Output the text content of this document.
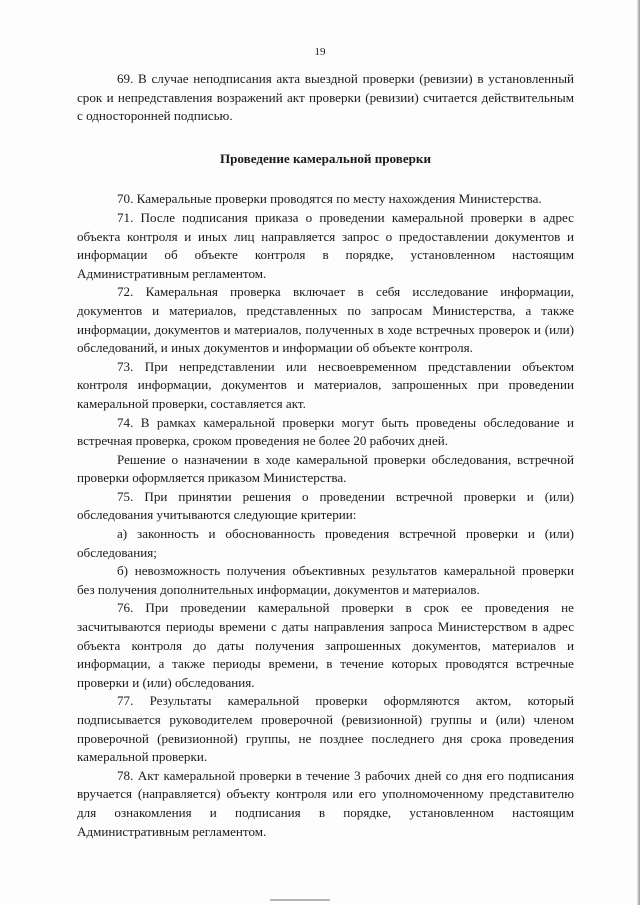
19

69. В случае неподписания акта выездной проверки (ревизии) в установленный срок и непредставления возражений акт проверки (ревизии) считается действительным с односторонней подписью.

Проведение камеральной проверки

70. Камеральные проверки проводятся по месту нахождения Министерства.

71. После подписания приказа о проведении камеральной проверки в адрес объекта контроля и иных лиц направляется запрос о предоставлении документов и информации об объекте контроля в порядке, установленном настоящим Административным регламентом.

72. Камеральная проверка включает в себя исследование информации, документов и материалов, представленных по запросам Министерства, а также информации, документов и материалов, полученных в ходе встречных проверок и (или) обследований, и иных документов и информации об объекте контроля.

73. При непредставлении или несвоевременном представлении объектом контроля информации, документов и материалов, запрошенных при проведении камеральной проверки, составляется акт.

74. В рамках камеральной проверки могут быть проведены обследование и встречная проверка, сроком проведения не более 20 рабочих дней.

Решение о назначении в ходе камеральной проверки обследования, встречной проверки оформляется приказом Министерства.

75. При принятии решения о проведении встречной проверки и (или) обследования учитываются следующие критерии:

а) законность и обоснованность проведения встречной проверки и (или) обследования;

б) невозможность получения объективных результатов камеральной проверки без получения дополнительных информации, документов и материалов.

76. При проведении камеральной проверки в срок ее проведения не засчитываются периоды времени с даты направления запроса Министерством в адрес объекта контроля до даты получения запрошенных документов, материалов и информации, а также периоды времени, в течение которых проводятся встречные проверки и (или) обследования.

77. Результаты камеральной проверки оформляются актом, который подписывается руководителем проверочной (ревизионной) группы и (или) членом проверочной (ревизионной) группы, не позднее последнего дня срока проведения камеральной проверки.

78. Акт камеральной проверки в течение 3 рабочих дней со дня его подписания вручается (направляется) объекту контроля или его уполномоченному представителю для ознакомления и подписания в порядке, установленном настоящим Административным регламентом.
